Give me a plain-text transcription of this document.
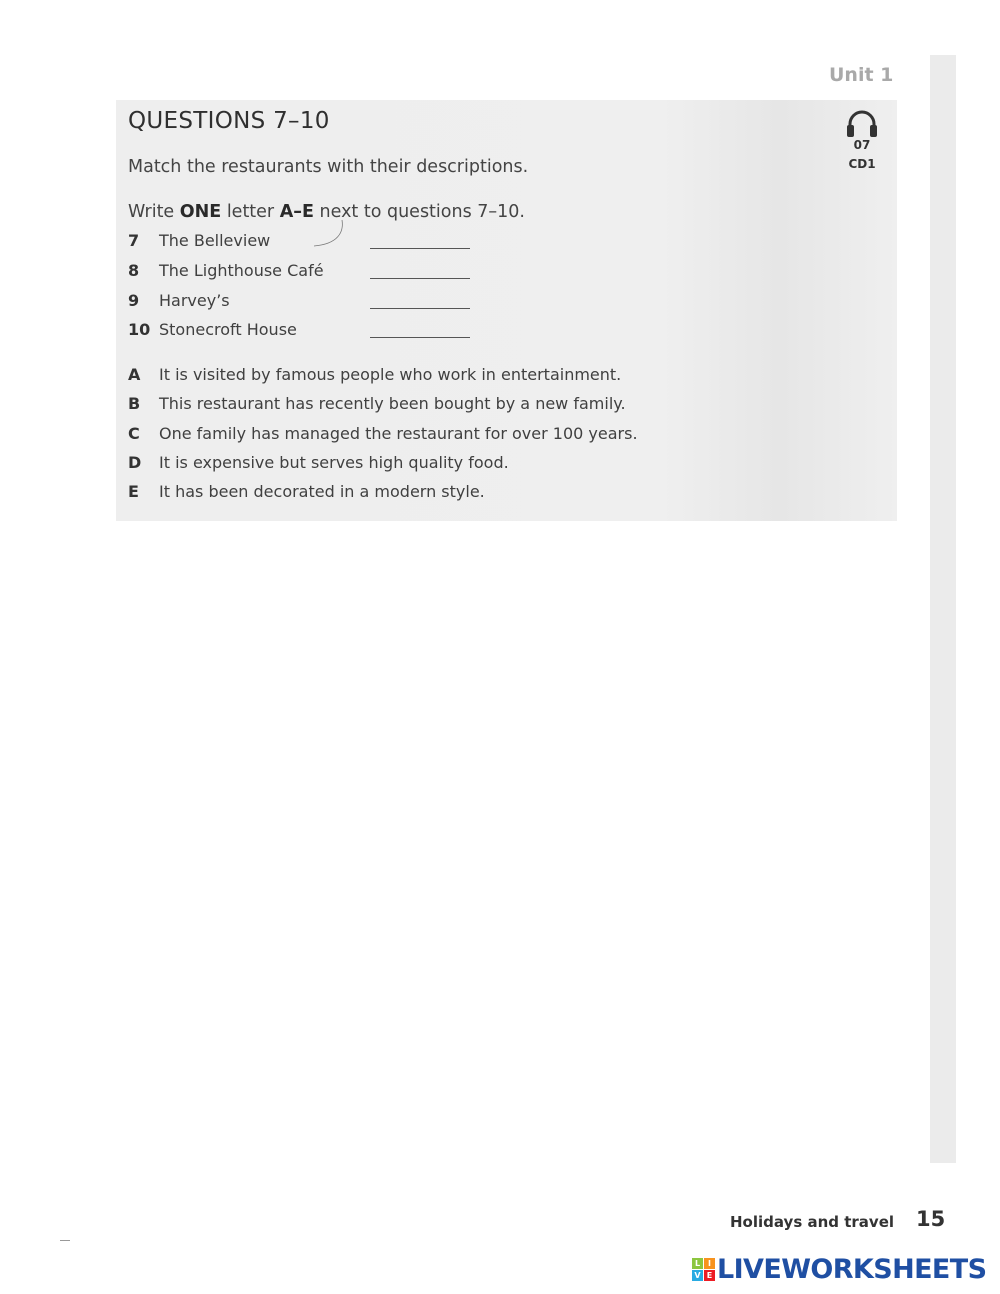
Unit 1
QUESTIONS 7–10
07
CD1
Match the restaurants with their descriptions.
Write ONE letter A–E next to questions 7–10.
7	The Belleview
8	The Lighthouse Café
9	Harvey’s
10 Stonecroft House
A	It is visited by famous people who work in entertainment.
B	This restaurant has recently been bought by a new family.
C	One family has managed the restaurant for over 100 years.
D	It is expensive but serves high quality food.
E	It has been decorated in a modern style.
Holidays and travel 15
L I
V E LIVEWORKSHEETS
